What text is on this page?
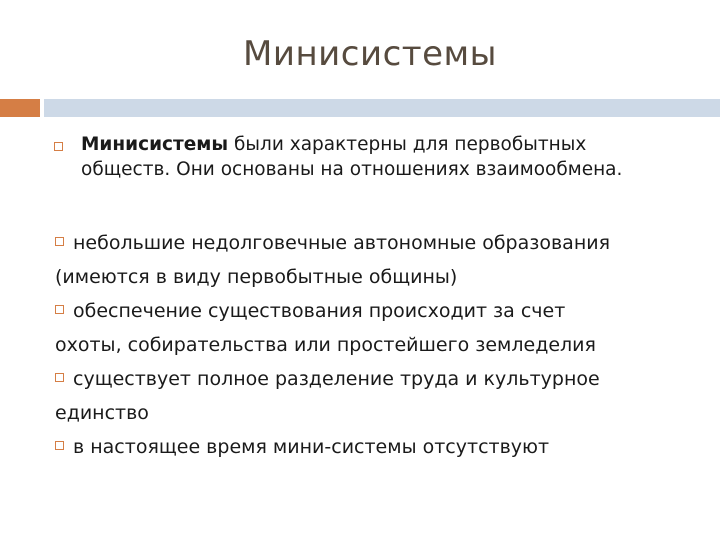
Минисистемы
Минисистемы были характерны для первобытных
обществ. Они основаны на отношениях взаимообмена.
небольшие недолговечные автономные образования
(имеются в виду первобытные общины)
обеспечение существования происходит за счет
охоты, собирательства или простейшего земледелия
существует полное разделение труда и культурное
единство
в настоящее время мини-системы отсутствуют
